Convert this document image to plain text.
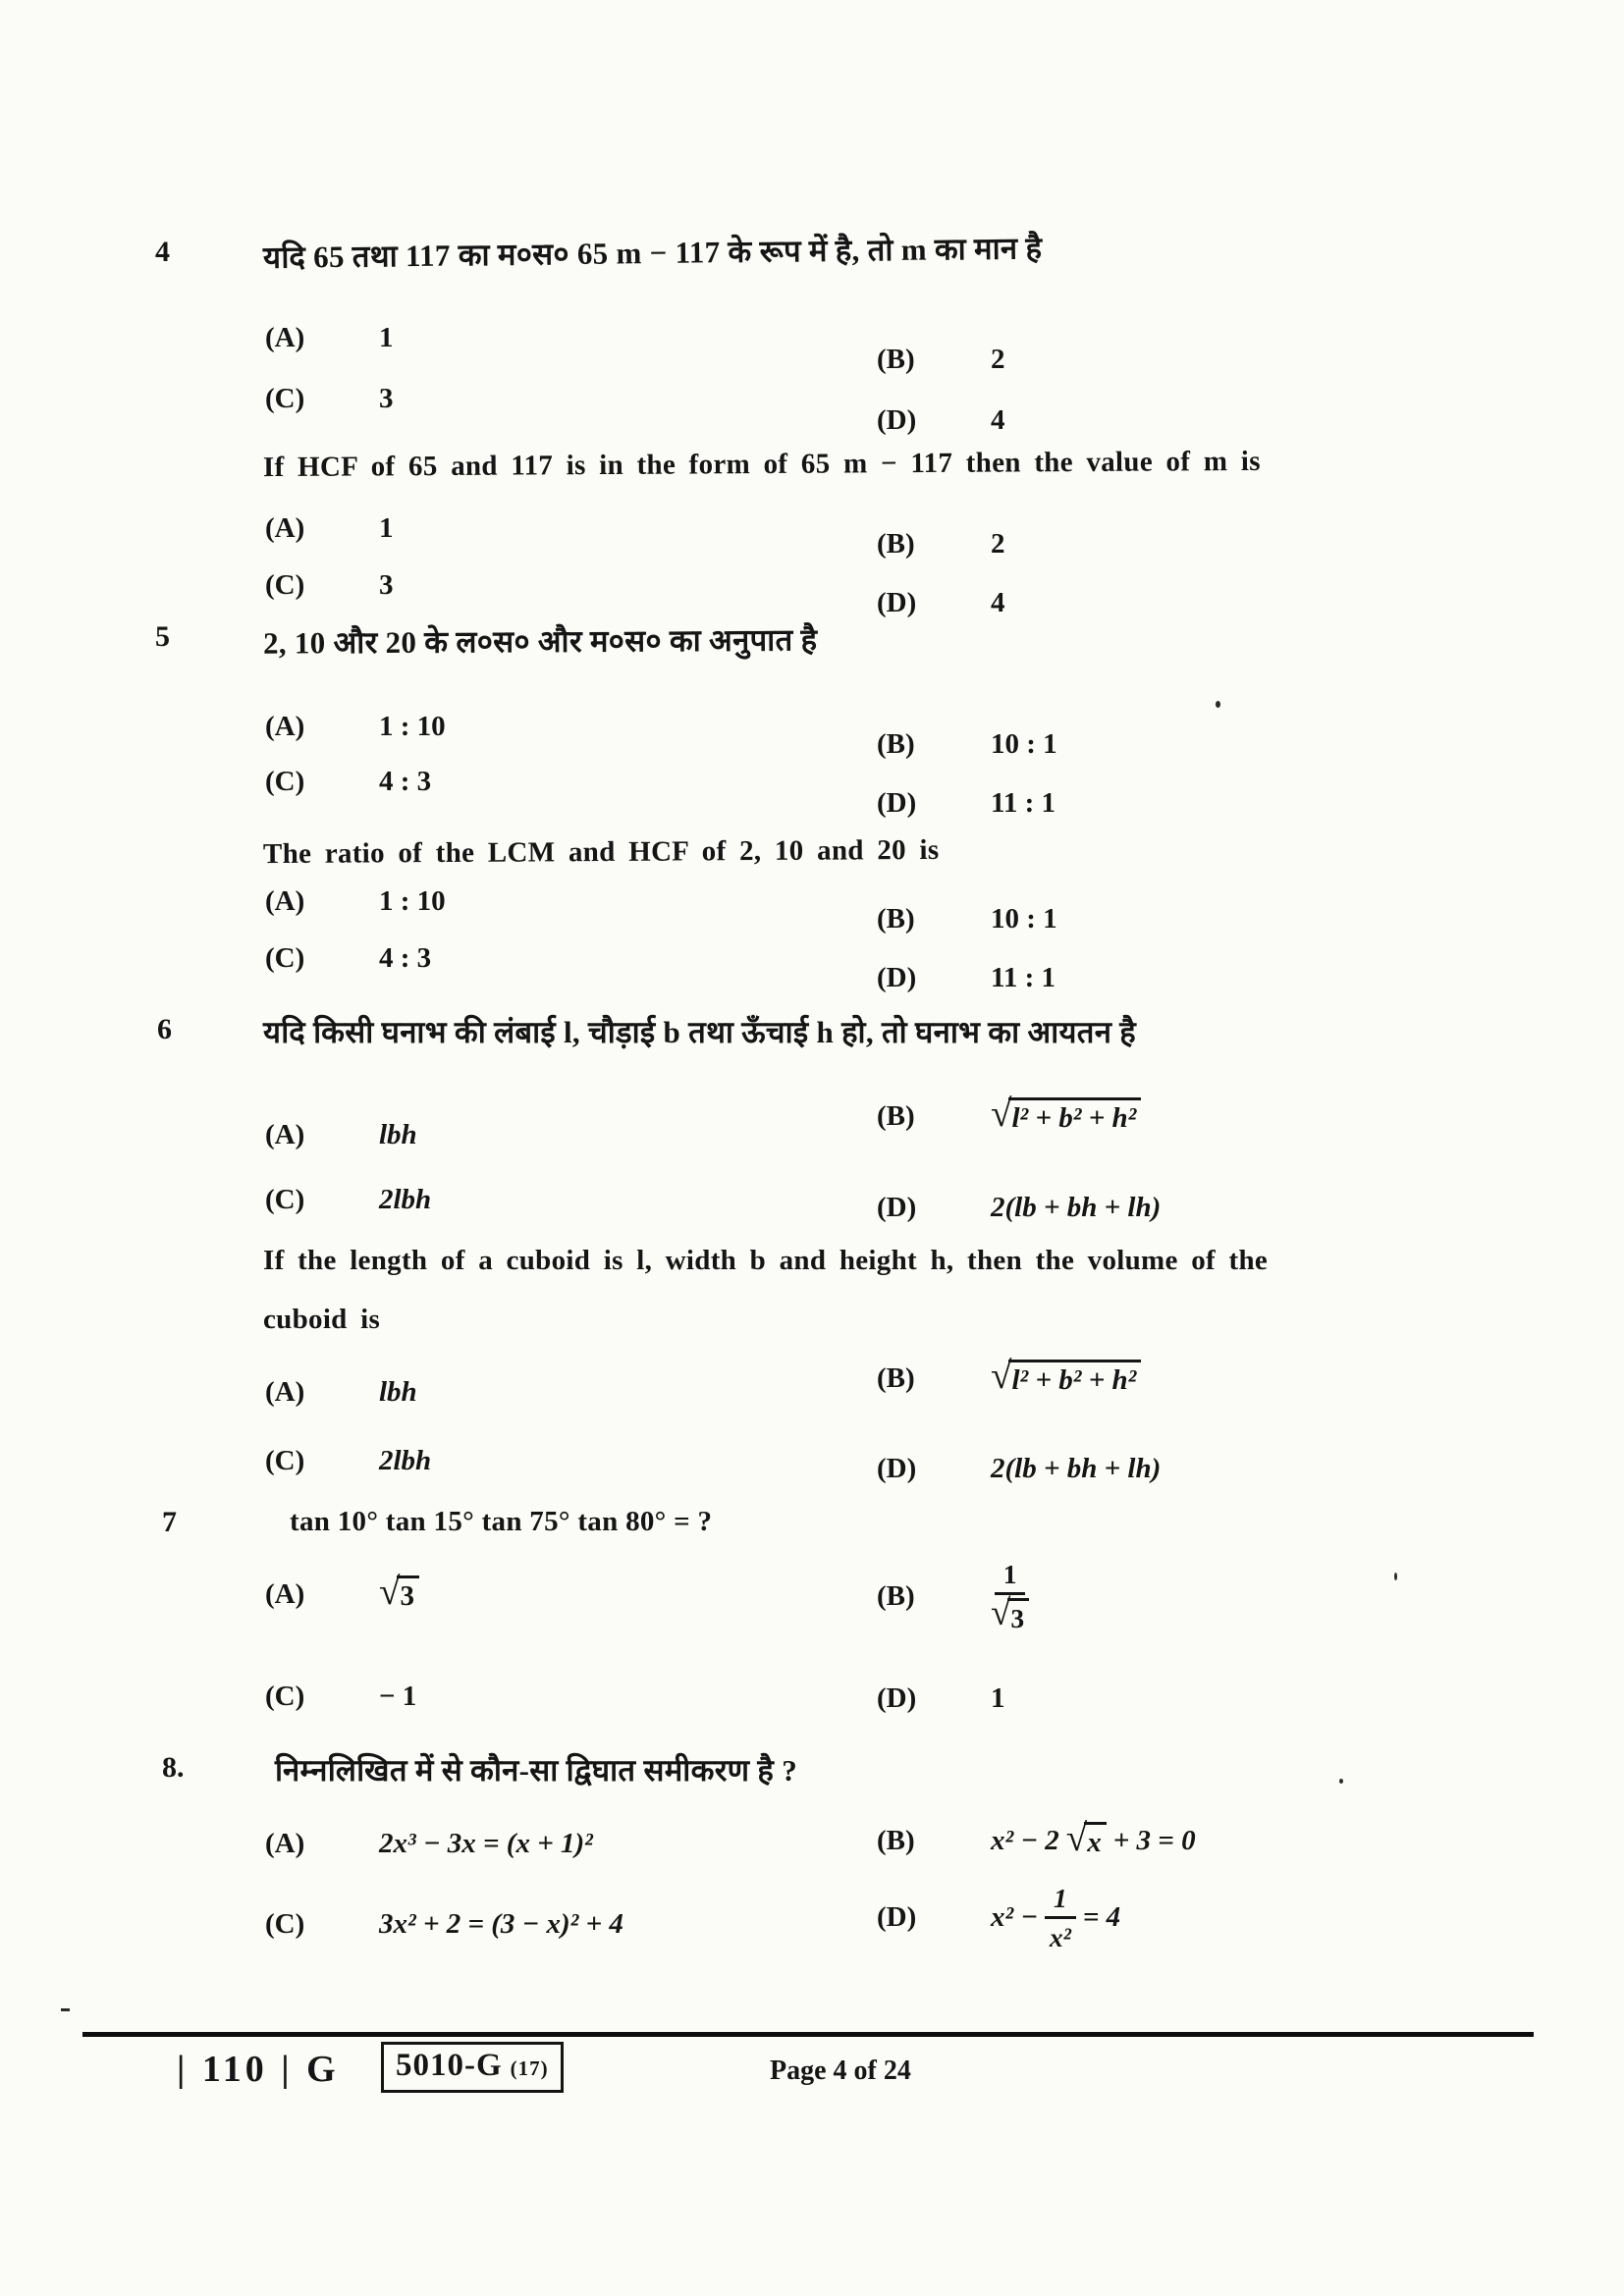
4	यदि 65 तथा 117 का म०स० 65 m − 117 के रूप में है, तो m का मान है
(A)	1
(B)	2
(C)	3
(D)	4
If HCF of 65 and 117 is in the form of 65 m − 117 then the value of m is
(A)	1	(B)	2
(C)	3
(D)	4
5	2, 10 और 20 के ल०स० और म०स० का अनुपात है
(A)	1 : 10
(B)	10 : 1
(C)	4 : 3
(D)	11 : 1
The ratio of the LCM and HCF of 2, 10 and 20 is
(A)	1 : 10
(B)	10 : 1
(C)	4 : 3
(D)	11 : 1
6	यदि किसी घनाभ की लंबाई l, चौड़ाई b तथा ऊँचाई h हो, तो घनाभ का आयतन है
(A)	lbh
(B)	√ l² + b² + h²
(C)	2lbh	(D)	2(lb + bh + lh)
If the length of a cuboid is l, width b and height h, then the volume of the
cuboid is
(A)	lbh	(B)	√ l² + b² + h²
(C)	2lbh	(D)	2(lb + bh + lh)
7	tan 10° tan 15° tan 75° tan 80° = ?
(A)	√ 3	(B)	$\frac{1}{√ 3}$
(C)	− 1	(D)	1
8.	निम्नलिखित में से कौन-सा द्विघात समीकरण है ?
(A)	2x³ − 3x = (x + 1)²	(B)	x² − 2 √ x + 3 = 0
(C)	3x² + 2 = (3 − x)² + 4	(D)	$x^2 - \frac{1}{\text{x²}} = 4$
| 110 | G 5010-G (17)	Page 4 of 24
